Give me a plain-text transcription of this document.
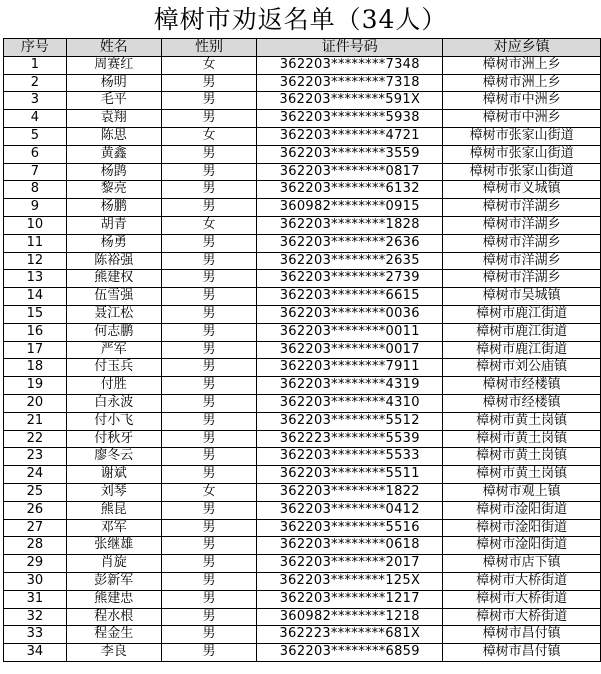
樟树市劝返名单（34人）
序号	姓名	性别	证件号码	对应乡镇
1	周赛红	女	362203********7348	樟树市洲上乡
2	杨明	男	362203********7318	樟树市洲上乡
3	毛平	男	362203********591X	樟树市中洲乡
4	袁翔	男	362203********5938	樟树市中洲乡
5	陈思	女	362203********4721	樟树市张家山街道
6	黄鑫	男	362203********3559	樟树市张家山街道
7	杨鹍	男	362203********0817	樟树市张家山街道
8	黎亮	男	362203********6132	樟树市义城镇
9	杨鹏	男	360982********0915	樟树市洋湖乡
10	胡青	女	362203********1828	樟树市洋湖乡
11	杨勇	男	362203********2636	樟树市洋湖乡
12	陈裕强	男	362203********2635	樟树市洋湖乡
13	熊建权	男	362203********2739	樟树市洋湖乡
14	伍雪强	男	362203********6615	樟树市吴城镇
15	聂江松	男	362203********0036	樟树市鹿江街道
16	何志鹏	男	362203********0011	樟树市鹿江街道
17	严军	男	362203********0017	樟树市鹿江街道
18	付玉兵	男	362203********7911	樟树市刘公庙镇
19	付胜	男	362203********4319	樟树市经楼镇
20	白永波	男	362203********4310	樟树市经楼镇
21	付小飞	男	362203********5512	樟树市黄土岗镇
22	付秋牙	男	362223********5539	樟树市黄土岗镇
23	廖冬云	男	362203********5533	樟树市黄土岗镇
24	谢斌	男	362203********5511	樟树市黄土岗镇
25	刘琴	女	362203********1822	樟树市观上镇
26	熊昆	男	362203********0412	樟树市淦阳街道
27	邓军	男	362203********5516	樟树市淦阳街道
28	张继雄	男	362203********0618	樟树市淦阳街道
29	肖旋	男	362203********2017	樟树市店下镇
30	彭新军	男	362203********125X	樟树市大桥街道
31	熊建忠	男	362203********1217	樟树市大桥街道
32	程水根	男	360982********1218	樟树市大桥街道
33	程金生	男	362223********681X	樟树市昌付镇
34	李良	男	362203********6859	樟树市昌付镇
